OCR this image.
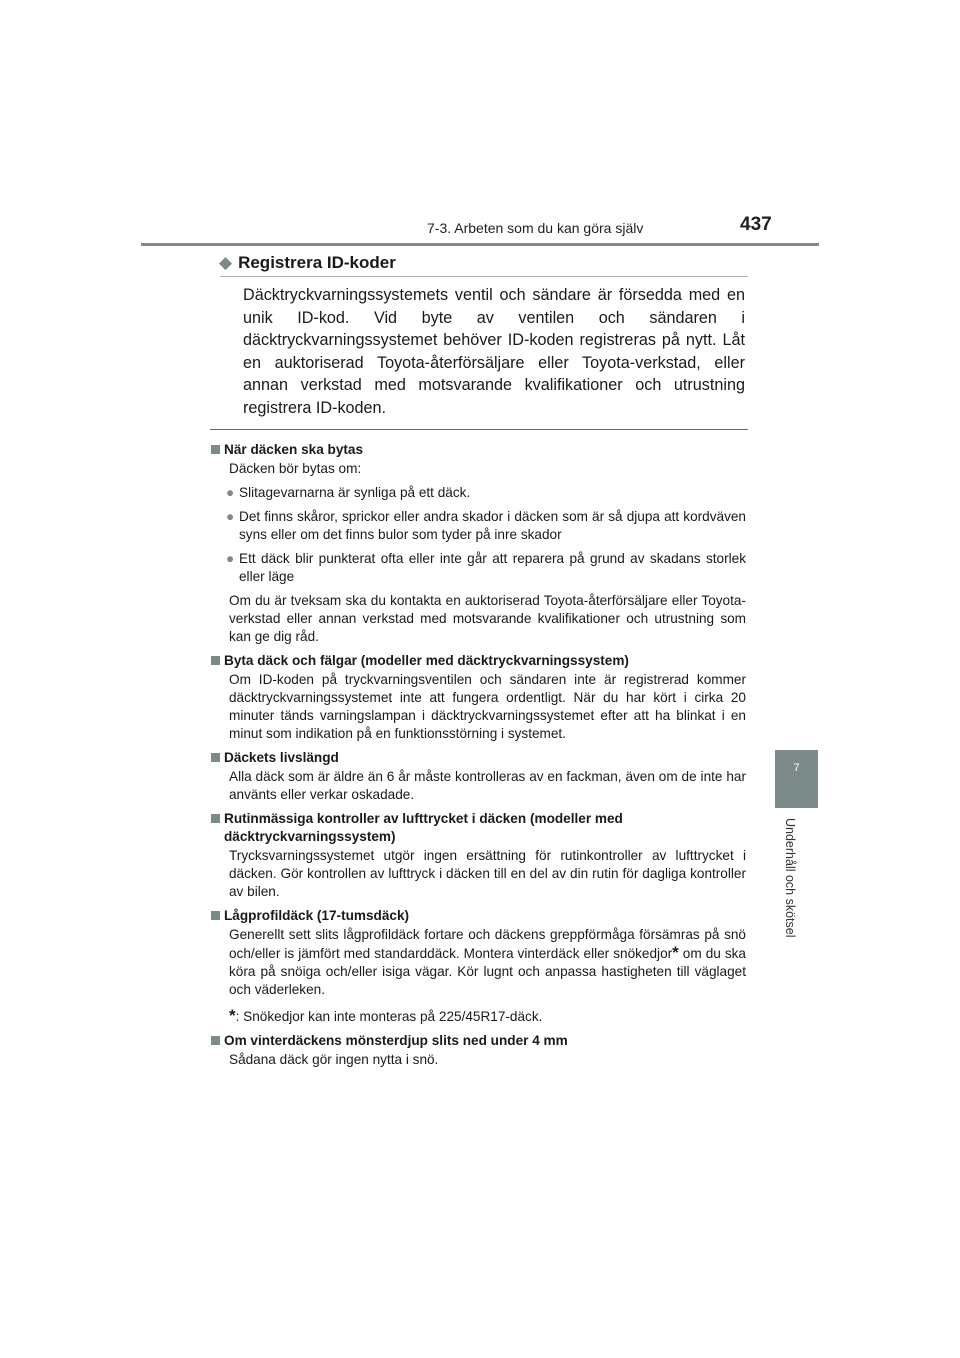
7-3. Arbeten som du kan göra själv	437
7
Underhåll och skötsel
◆ Registrera ID-koder
Däcktryckvarningssystemets ventil och sändare är försedda med en unik ID-kod. Vid byte av ventilen och sändaren i däcktryckvarningssystemet behöver ID-koden registreras på nytt. Låt en auktoriserad Toyota-återförsäljare eller Toyota-verkstad, eller annan verkstad med motsvarande kvalifikationer och utrustning registrera ID-koden.
När däcken ska bytas
Däcken bör bytas om:
● Slitagevarnarna är synliga på ett däck.
● Det finns skåror, sprickor eller andra skador i däcken som är så djupa att kordväven syns eller om det finns bulor som tyder på inre skador
● Ett däck blir punkterat ofta eller inte går att reparera på grund av skadans storlek eller läge
Om du är tveksam ska du kontakta en auktoriserad Toyota-återförsäljare eller Toyota-verkstad eller annan verkstad med motsvarande kvalifikationer och utrustning som kan ge dig råd.
Byta däck och fälgar (modeller med däcktryckvarningssystem)
Om ID-koden på tryckvarningsventilen och sändaren inte är registrerad kommer däcktryckvarningssystemet inte att fungera ordentligt. När du har kört i cirka 20 minuter tänds varningslampan i däcktryckvarningssystemet efter att ha blinkat i en minut som indikation på en funktionsstörning i systemet.
Däckets livslängd
Alla däck som är äldre än 6 år måste kontrolleras av en fackman, även om de inte har använts eller verkar oskadade.
Rutinmässiga kontroller av lufttrycket i däcken (modeller med däcktryckvarningssystem)
Trycksvarningssystemet utgör ingen ersättning för rutinkontroller av lufttrycket i däcken. Gör kontrollen av lufttryck i däcken till en del av din rutin för dagliga kontroller av bilen.
Lågprofildäck (17-tumsdäck)
Generellt sett slits lågprofildäck fortare och däckens greppförmåga försämras på snö och/eller is jämfört med standarddäck. Montera vinterdäck eller snökedjor* om du ska köra på snöiga och/eller isiga vägar. Kör lugnt och anpassa hastigheten till väglaget och väderleken.
*: Snökedjor kan inte monteras på 225/45R17-däck.
Om vinterdäckens mönsterdjup slits ned under 4 mm
Sådana däck gör ingen nytta i snö.
